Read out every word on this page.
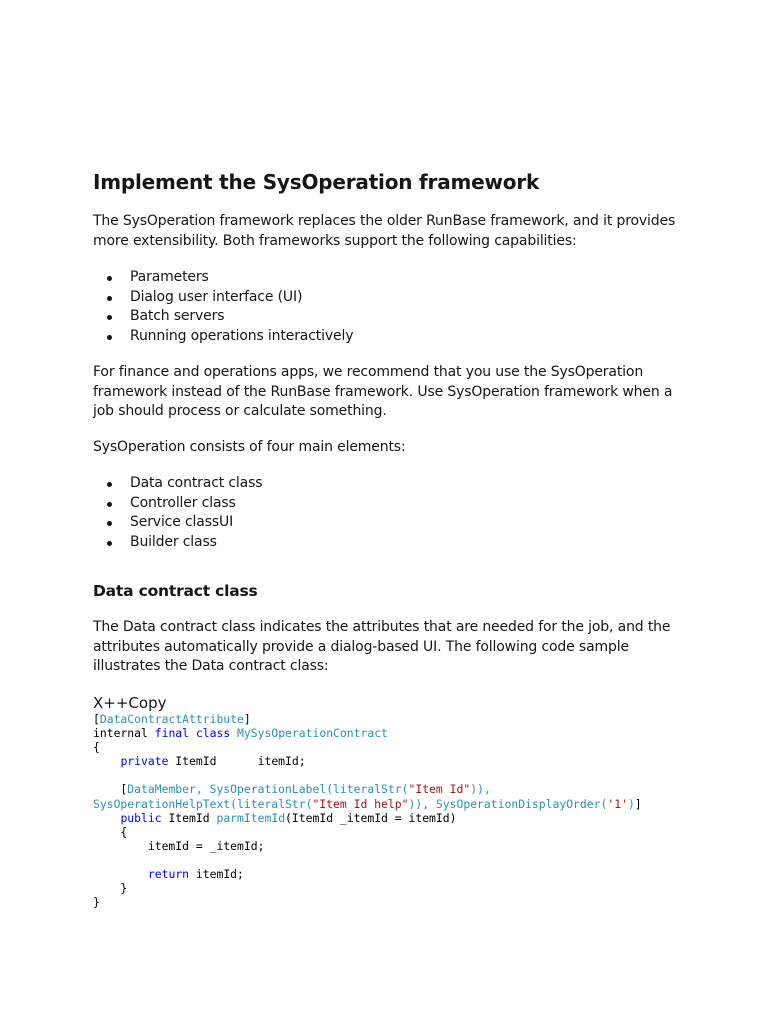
Implement the SysOperation framework

The SysOperation framework replaces the older RunBase framework, and it provides more extensibility. Both frameworks support the following capabilities:

Parameters
Dialog user interface (UI)
Batch servers
Running operations interactively

For finance and operations apps, we recommend that you use the SysOperation framework instead of the RunBase framework. Use SysOperation framework when a job should process or calculate something.

SysOperation consists of four main elements:

Data contract class
Controller class
Service classUI
Builder class
Data contract class

The Data contract class indicates the attributes that are needed for the job, and the attributes automatically provide a dialog-based UI. The following code sample illustrates the Data contract class:

X++Copy
[DataContractAttribute]
internal final class MySysOperationContract
{
private ItemId      itemId;
[DataMember, SysOperationLabel(literalStr("Item Id")),
SysOperationHelpText(literalStr("Item Id help")), SysOperationDisplayOrder('1')]
public ItemId parmItemId(ItemId _itemId = itemId)
{
itemId = _itemId;
return itemId;
}
}
